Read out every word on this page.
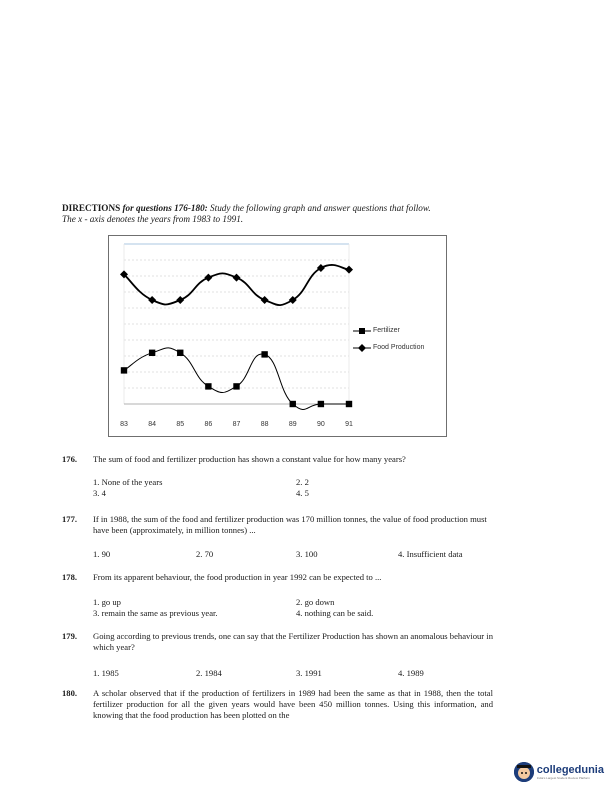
DIRECTIONS for questions 176-180: Study the following graph and answer questions that follow.
The x - axis denotes the years from 1983 to 1991.
83	84	85	86	87	88	89	90	91
Fertilizer
Food Production
176. The sum of food and fertilizer production has shown a constant value for how many years?
1. None of the years	2. 2
3. 4	4. 5
177. If in 1988, the sum of the food and fertilizer production was 170 million tonnes, the value of food production must have been (approximately, in million tonnes) ...
1. 90	2. 70	3. 100	4. Insufficient data
178. From its apparent behaviour, the food production in year 1992 can be expected to ...
1. go up	2. go down
3. remain the same as previous year.	4. nothing can be said.
179. Going according to previous trends, one can say that the Fertilizer Production has shown an anomalous behaviour in which year?
1. 1985	2. 1984	3. 1991	4. 1989
180. A scholar observed that if the production of fertilizers in 1989 had been the same as that in 1988, then the total fertilizer production for all the given years would have been 450 million tonnes. Using this information, and knowing that the food production has been plotted on the
collegedunia
India's Largest Student Review Platform
